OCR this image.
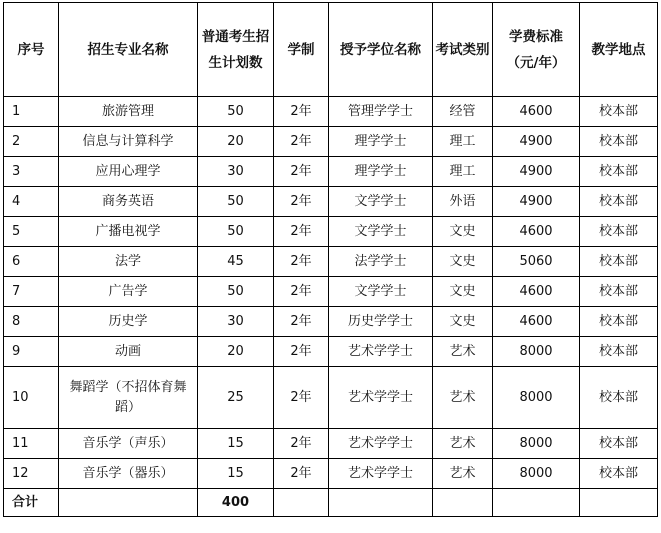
序号	招生专业名称	普通考生招生计划数	学制	授予学位名称	考试类别	学费标准（元/年）	教学地点
1	旅游管理	50	2年	管理学学士	经管	4600	校本部
2	信息与计算科学	20	2年	理学学士	理工	4900	校本部
3	应用心理学	30	2年	理学学士	理工	4900	校本部
4	商务英语	50	2年	文学学士	外语	4900	校本部
5	广播电视学	50	2年	文学学士	文史	4600	校本部
6	法学	45	2年	法学学士	文史	5060	校本部
7	广告学	50	2年	文学学士	文史	4600	校本部
8	历史学	30	2年	历史学学士	文史	4600	校本部
9	动画	20	2年	艺术学学士	艺术	8000	校本部
10	舞蹈学（不招体育舞蹈）	25	2年	艺术学学士	艺术	8000	校本部
11	音乐学（声乐）	15	2年	艺术学学士	艺术	8000	校本部
12	音乐学（器乐）	15	2年	艺术学学士	艺术	8000	校本部
合计		400					
